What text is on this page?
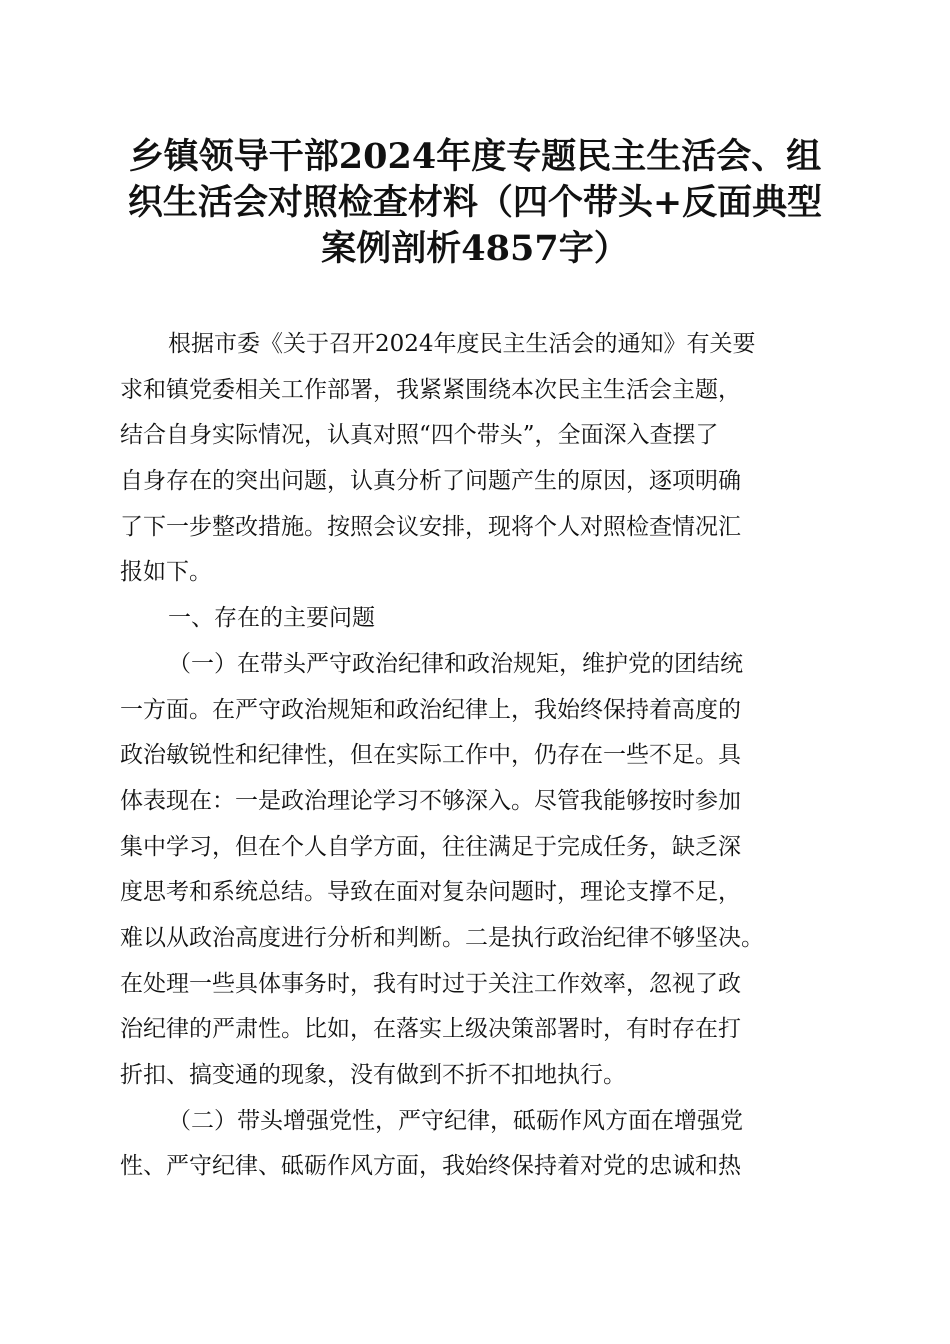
乡镇领导干部2024年度专题民主生活会、组
织生活会对照检查材料（四个带头+反面典型
案例剖析4857字）
根据市委《关于召开2024年度民主生活会的通知》有关要
求和镇党委相关工作部署，我紧紧围绕本次民主生活会主题，
结合自身实际情况，认真对照“四个带头”，全面深入查摆了
自身存在的突出问题，认真分析了问题产生的原因，逐项明确
了下一步整改措施。按照会议安排，现将个人对照检查情况汇
报如下。
一、存在的主要问题
（一）在带头严守政治纪律和政治规矩，维护党的团结统
一方面。在严守政治规矩和政治纪律上，我始终保持着高度的
政治敏锐性和纪律性，但在实际工作中，仍存在一些不足。具
体表现在：一是政治理论学习不够深入。尽管我能够按时参加
集中学习，但在个人自学方面，往往满足于完成任务，缺乏深
度思考和系统总结。导致在面对复杂问题时，理论支撑不足，
难以从政治高度进行分析和判断。二是执行政治纪律不够坚决。
在处理一些具体事务时，我有时过于关注工作效率，忽视了政
治纪律的严肃性。比如，在落实上级决策部署时，有时存在打
折扣、搞变通的现象，没有做到不折不扣地执行。
（二）带头增强党性，严守纪律，砥砺作风方面在增强党
性、严守纪律、砥砺作风方面，我始终保持着对党的忠诚和热
